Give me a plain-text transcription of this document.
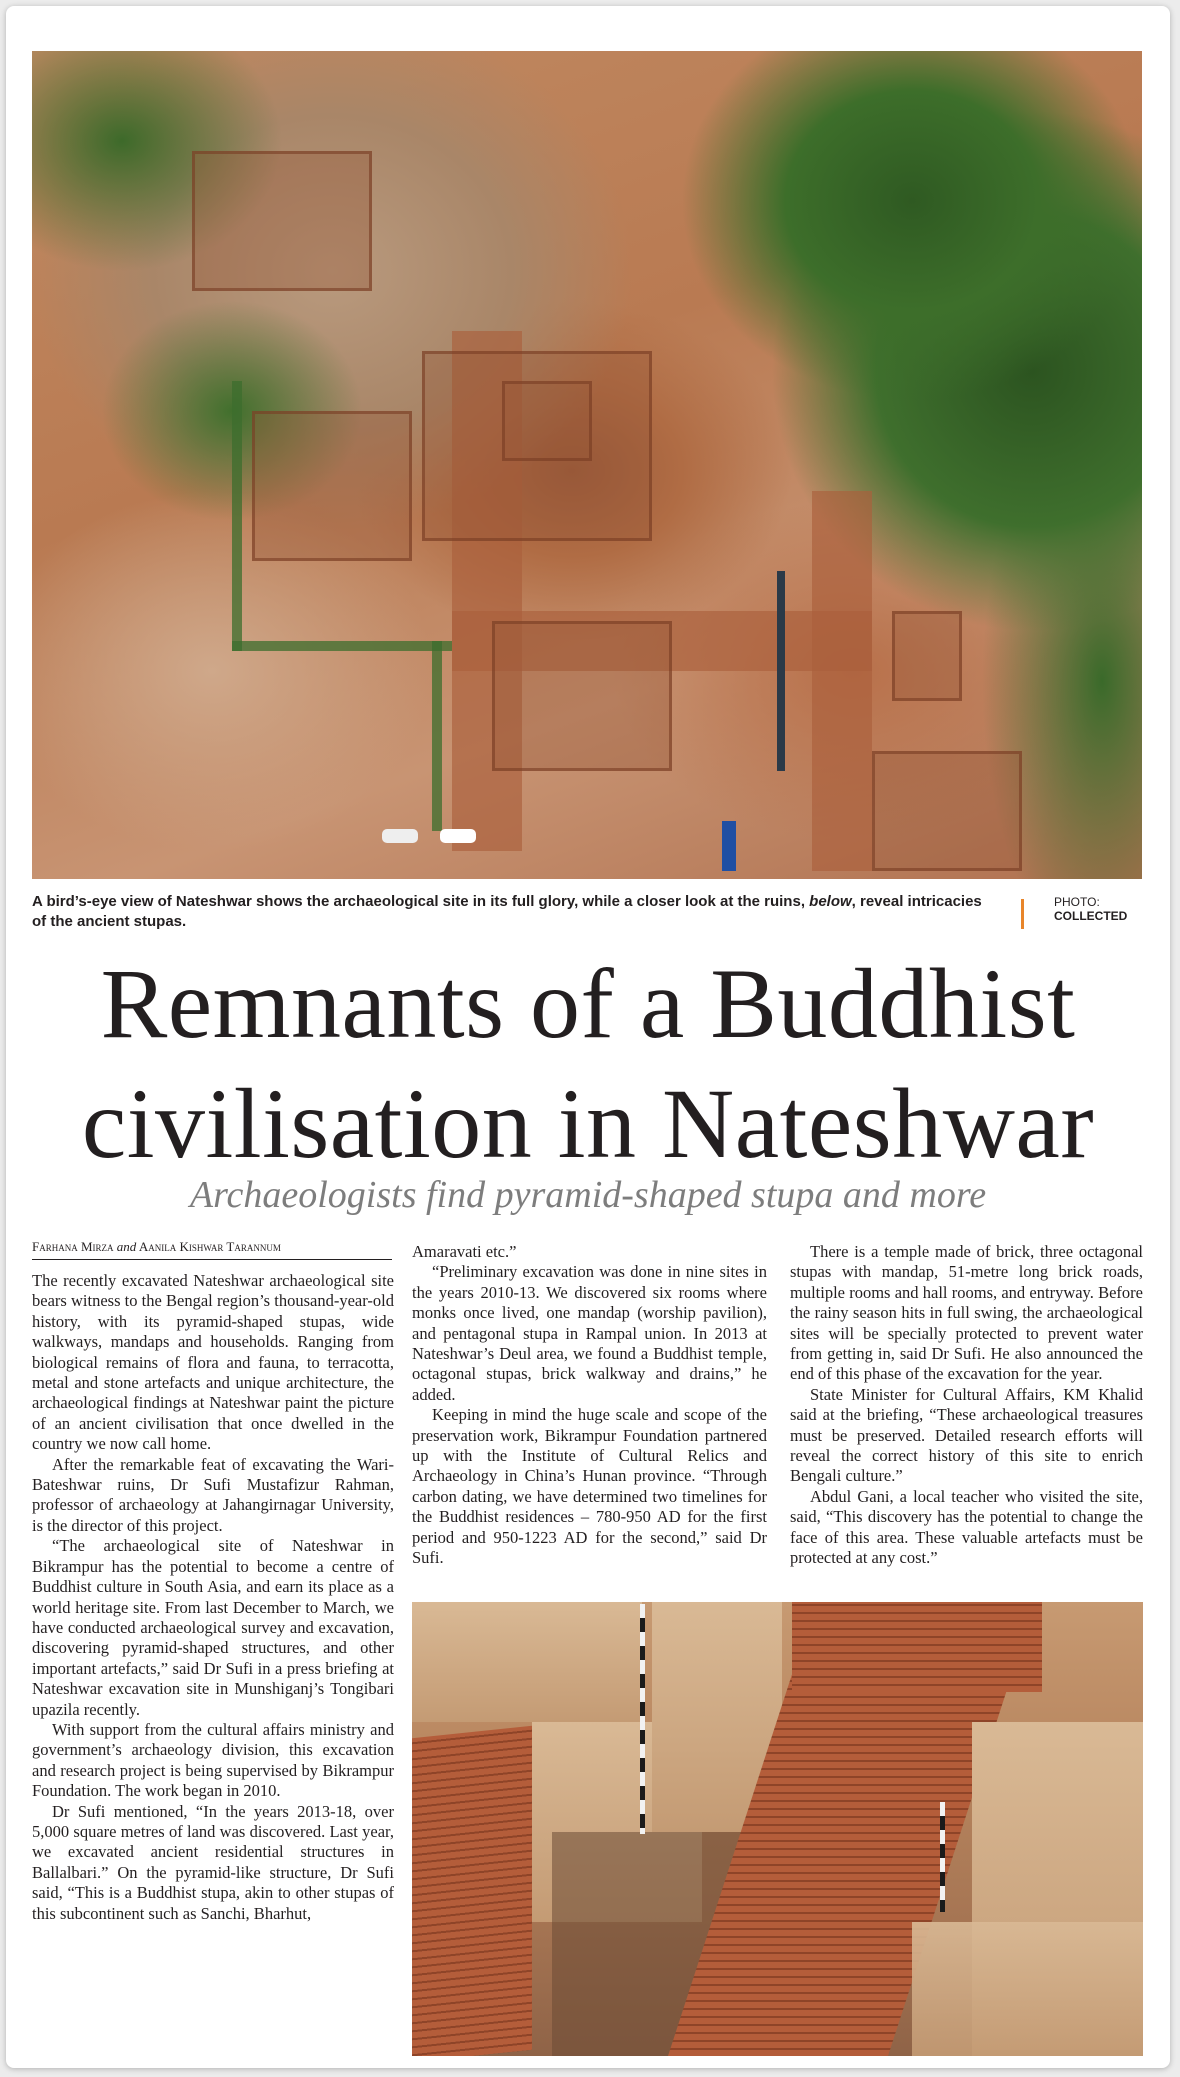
A bird’s-eye view of Nateshwar shows the archaeological site in its full glory, while a closer look at the ruins, below, reveal intricacies of the ancient stupas.
PHOTO:
COLLECTED
Remnants of a Buddhist
civilisation in Nateshwar
Archaeologists find pyramid-shaped stupa and more
Farhana Mirza and Aanila Kishwar Tarannum

The recently excavated Nateshwar archaeological site bears witness to the Bengal region’s thousand-year-old history, with its pyramid-shaped stupas, wide walkways, mandaps and households. Ranging from biological remains of flora and fauna, to terracotta, metal and stone artefacts and unique architecture, the archaeological findings at Nateshwar paint the picture of an ancient civilisation that once dwelled in the country we now call home.

After the remarkable feat of excavating the Wari-Bateshwar ruins, Dr Sufi Mustafizur Rahman, professor of archaeology at Jahangirnagar University, is the director of this project.

“The archaeological site of Nateshwar in Bikrampur has the potential to become a centre of Buddhist culture in South Asia, and earn its place as a world heritage site. From last December to March, we have conducted archaeological survey and excavation, discovering pyramid-shaped structures, and other important artefacts,” said Dr Sufi in a press briefing at Nateshwar excavation site in Munshiganj’s Tongibari upazila recently.

With support from the cultural affairs ministry and government’s archaeology division, this excavation and research project is being supervised by Bikrampur Foundation. The work began in 2010.

Dr Sufi mentioned, “In the years 2013-18, over 5,000 square metres of land was discovered. Last year, we excavated ancient residential structures in Ballalbari.” On the pyramid-like structure, Dr Sufi said, “This is a Buddhist stupa, akin to other stupas of this subcontinent such as Sanchi, Bharhut,

Amaravati etc.”

“Preliminary excavation was done in nine sites in the years 2010-13. We discovered six rooms where monks once lived, one mandap (worship pavilion), and pentagonal stupa in Rampal union. In 2013 at Nateshwar’s Deul area, we found a Buddhist temple, octagonal stupas, brick walkway and drains,” he added.

Keeping in mind the huge scale and scope of the preservation work, Bikrampur Foundation partnered up with the Institute of Cultural Relics and Archaeology in China’s Hunan province. “Through carbon dating, we have determined two timelines for the Buddhist residences – 780-950 AD for the first period and 950-1223 AD for the second,” said Dr Sufi.

There is a temple made of brick, three octagonal stupas with mandap, 51-metre long brick roads, multiple rooms and hall rooms, and entryway. Before the rainy season hits in full swing, the archaeological sites will be specially protected to prevent water from getting in, said Dr Sufi. He also announced the end of this phase of the excavation for the year.

State Minister for Cultural Affairs, KM Khalid said at the briefing, “These archaeological treasures must be preserved. Detailed research efforts will reveal the correct history of this site to enrich Bengali culture.”

Abdul Gani, a local teacher who visited the site, said, “This discovery has the potential to change the face of this area. These valuable artefacts must be protected at any cost.”
